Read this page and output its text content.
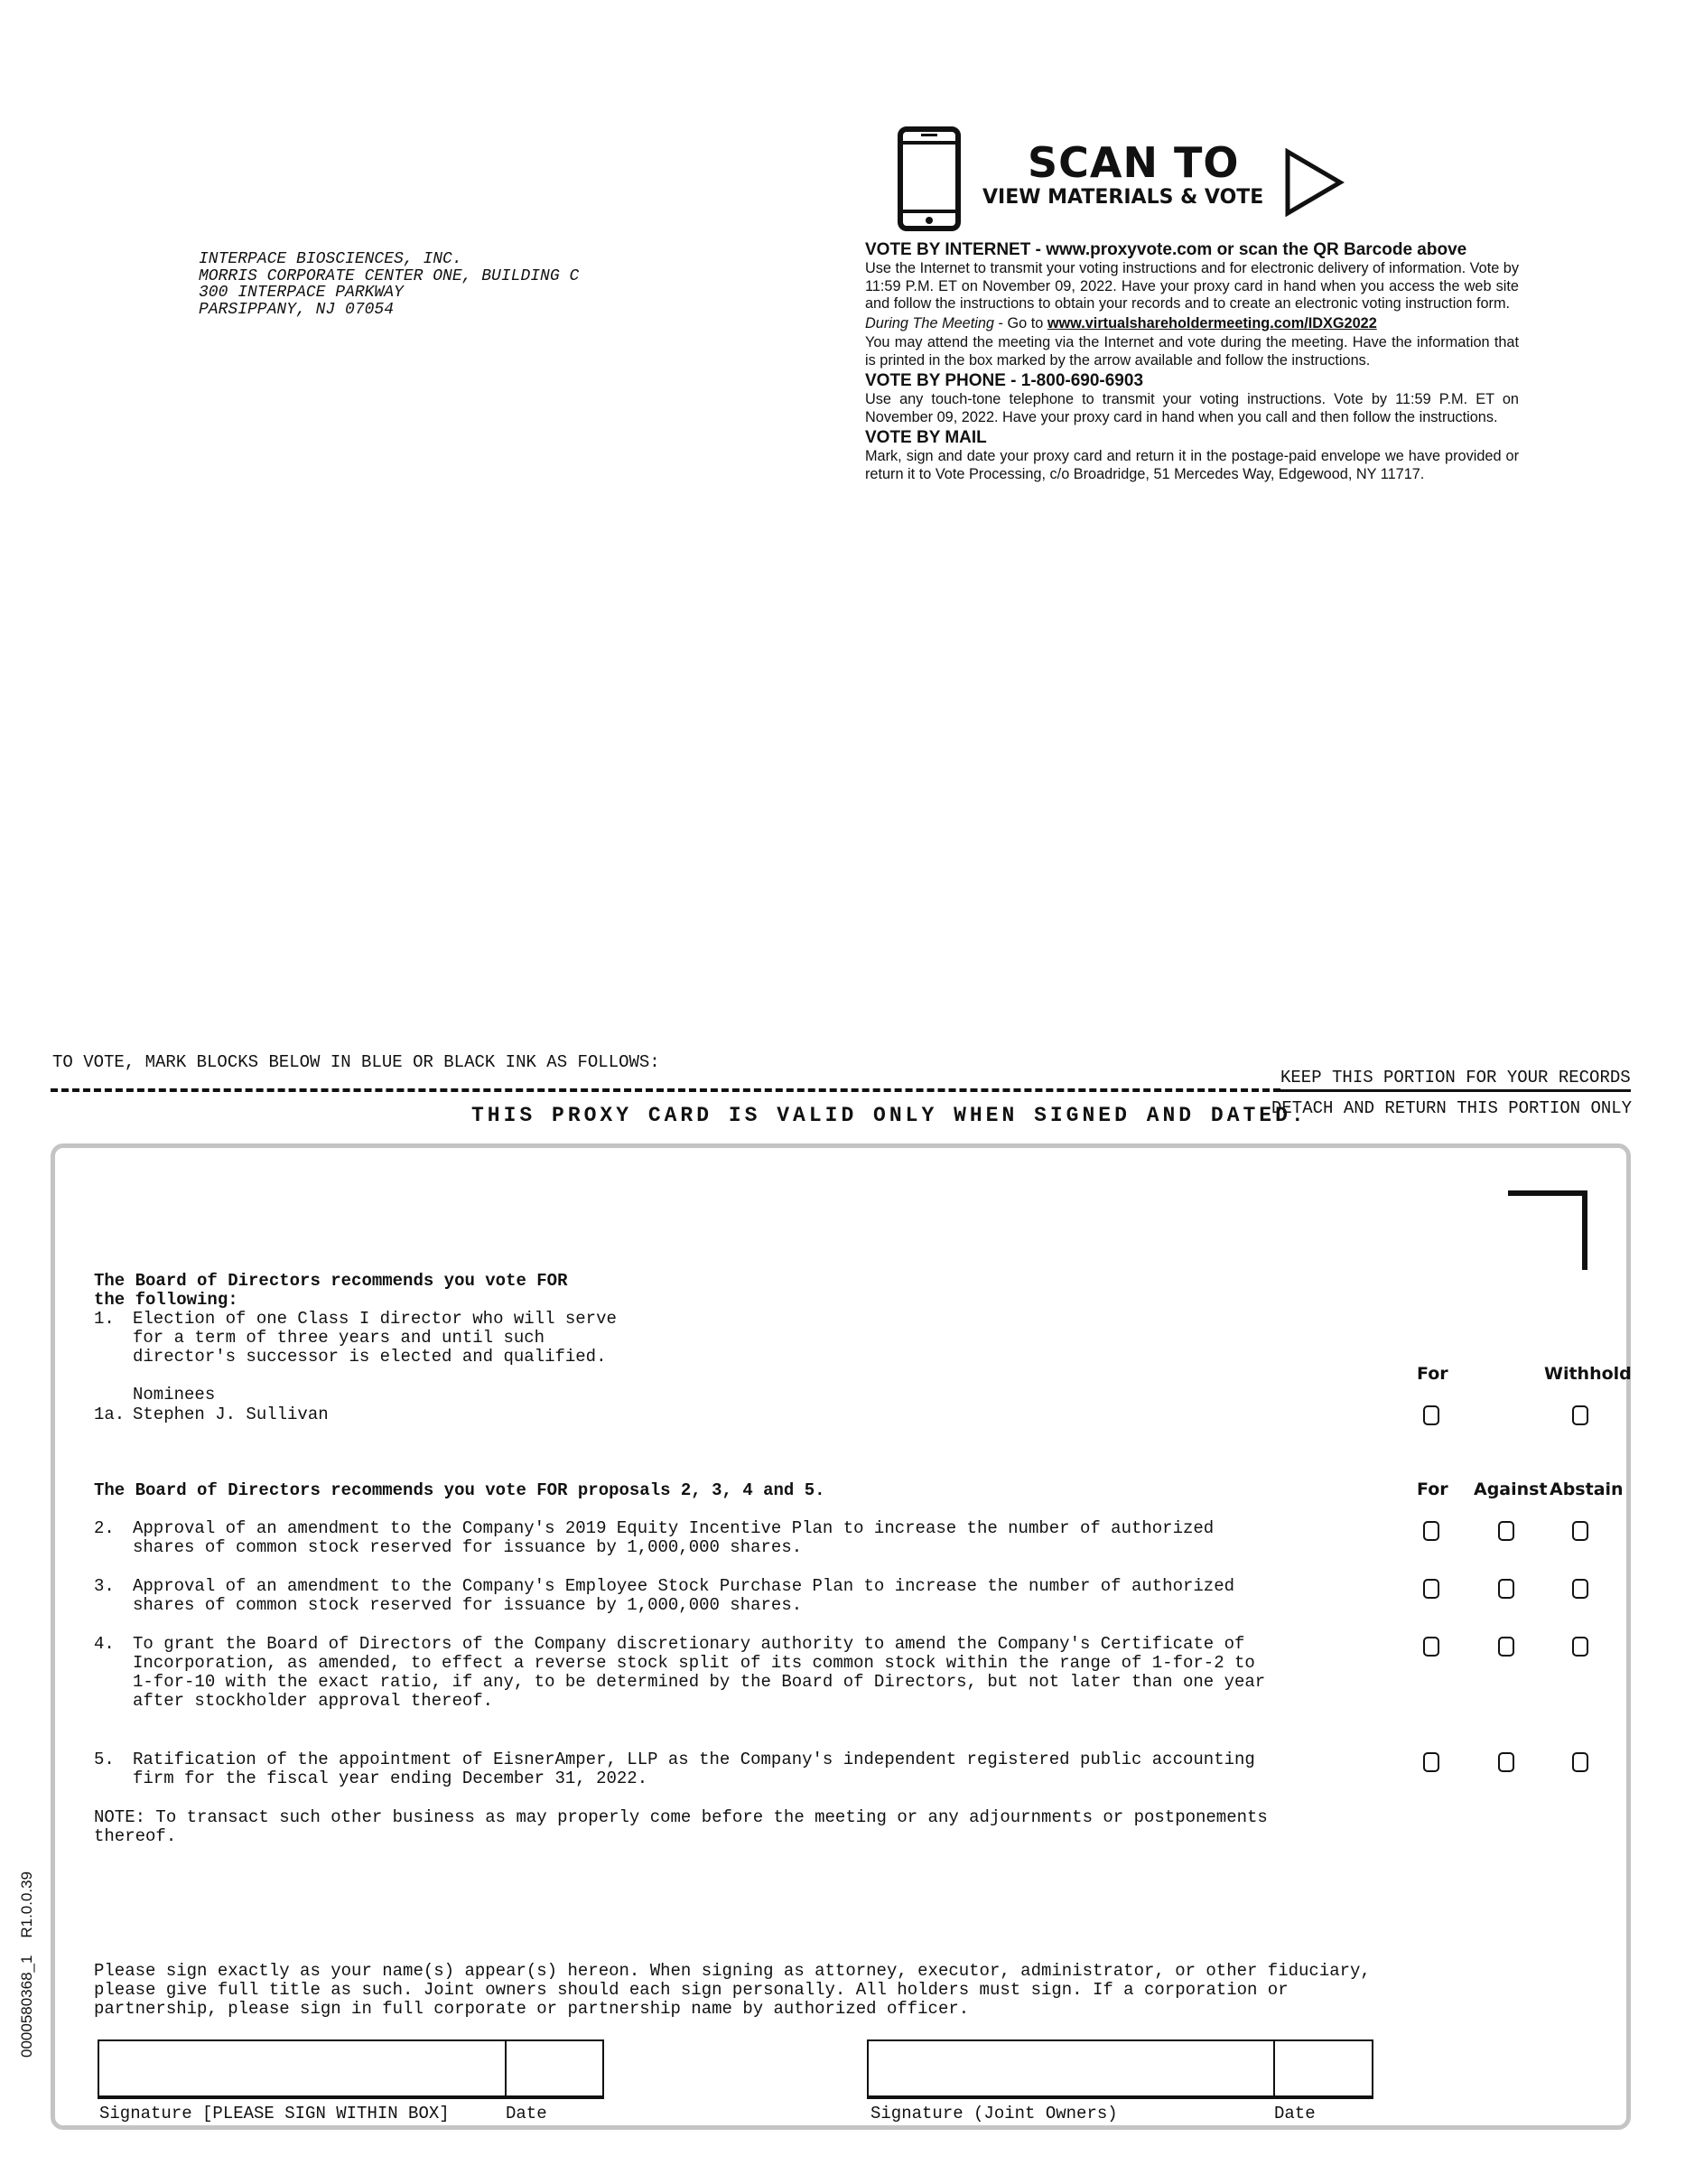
INTERPACE BIOSCIENCES, INC.
MORRIS CORPORATE CENTER ONE, BUILDING C
300 INTERPACE PARKWAY
PARSIPPANY, NJ 07054
SCAN TO
VIEW MATERIALS & VOTE
VOTE BY INTERNET - www.proxyvote.com or scan the QR Barcode above

Use the Internet to transmit your voting instructions and for electronic delivery of information. Vote by 11:59 P.M. ET on November 09, 2022. Have your proxy card in hand when you access the web site and follow the instructions to obtain your records and to create an electronic voting instruction form.

During The Meeting - Go to www.virtualshareholdermeeting.com/IDXG2022

You may attend the meeting via the Internet and vote during the meeting. Have the information that is printed in the box marked by the arrow available and follow the instructions.

VOTE BY PHONE - 1-800-690-6903

Use any touch-tone telephone to transmit your voting instructions. Vote by 11:59 P.M. ET on November 09, 2022. Have your proxy card in hand when you call and then follow the instructions.

VOTE BY MAIL

Mark, sign and date your proxy card and return it in the postage-paid envelope we have provided or return it to Vote Processing, c/o Broadridge, 51 Mercedes Way, Edgewood, NY 11717.

TO VOTE, MARK BLOCKS BELOW IN BLUE OR BLACK INK AS FOLLOWS:
KEEP THIS PORTION FOR YOUR RECORDS
DETACH AND RETURN THIS PORTION ONLY
THIS PROXY CARD IS VALID ONLY WHEN SIGNED AND DATED.
The Board of Directors recommends you vote FOR
the following:
1. Election of one Class I director who will serve
for a term of three years and until such
director's successor is elected and qualified.
Nominees
1a. Stephen J. Sullivan
For	Withhold
The Board of Directors recommends you vote FOR proposals 2, 3, 4 and 5.	For Against Abstain
2. Approval of an amendment to the Company's 2019 Equity Incentive Plan to increase the number of authorized
shares of common stock reserved for issuance by 1,000,000 shares.
3. Approval of an amendment to the Company's Employee Stock Purchase Plan to increase the number of authorized
shares of common stock reserved for issuance by 1,000,000 shares.
4. To grant the Board of Directors of the Company discretionary authority to amend the Company's Certificate of
Incorporation, as amended, to effect a reverse stock split of its common stock within the range of 1-for-2 to
1-for-10 with the exact ratio, if any, to be determined by the Board of Directors, but not later than one year
after stockholder approval thereof.
5. Ratification of the appointment of EisnerAmper, LLP as the Company's independent registered public accounting
firm for the fiscal year ending December 31, 2022.
NOTE: To transact such other business as may properly come before the meeting or any adjournments or postponements
thereof.
Please sign exactly as your name(s) appear(s) hereon. When signing as attorney, executor, administrator, or other fiduciary,
please give full title as such. Joint owners should each sign personally. All holders must sign. If a corporation or
partnership, please sign in full corporate or partnership name by authorized officer.
Signature [PLEASE SIGN WITHIN BOX]	Date	Signature (Joint Owners)	Date
0000580368_1    R1.0.0.39
